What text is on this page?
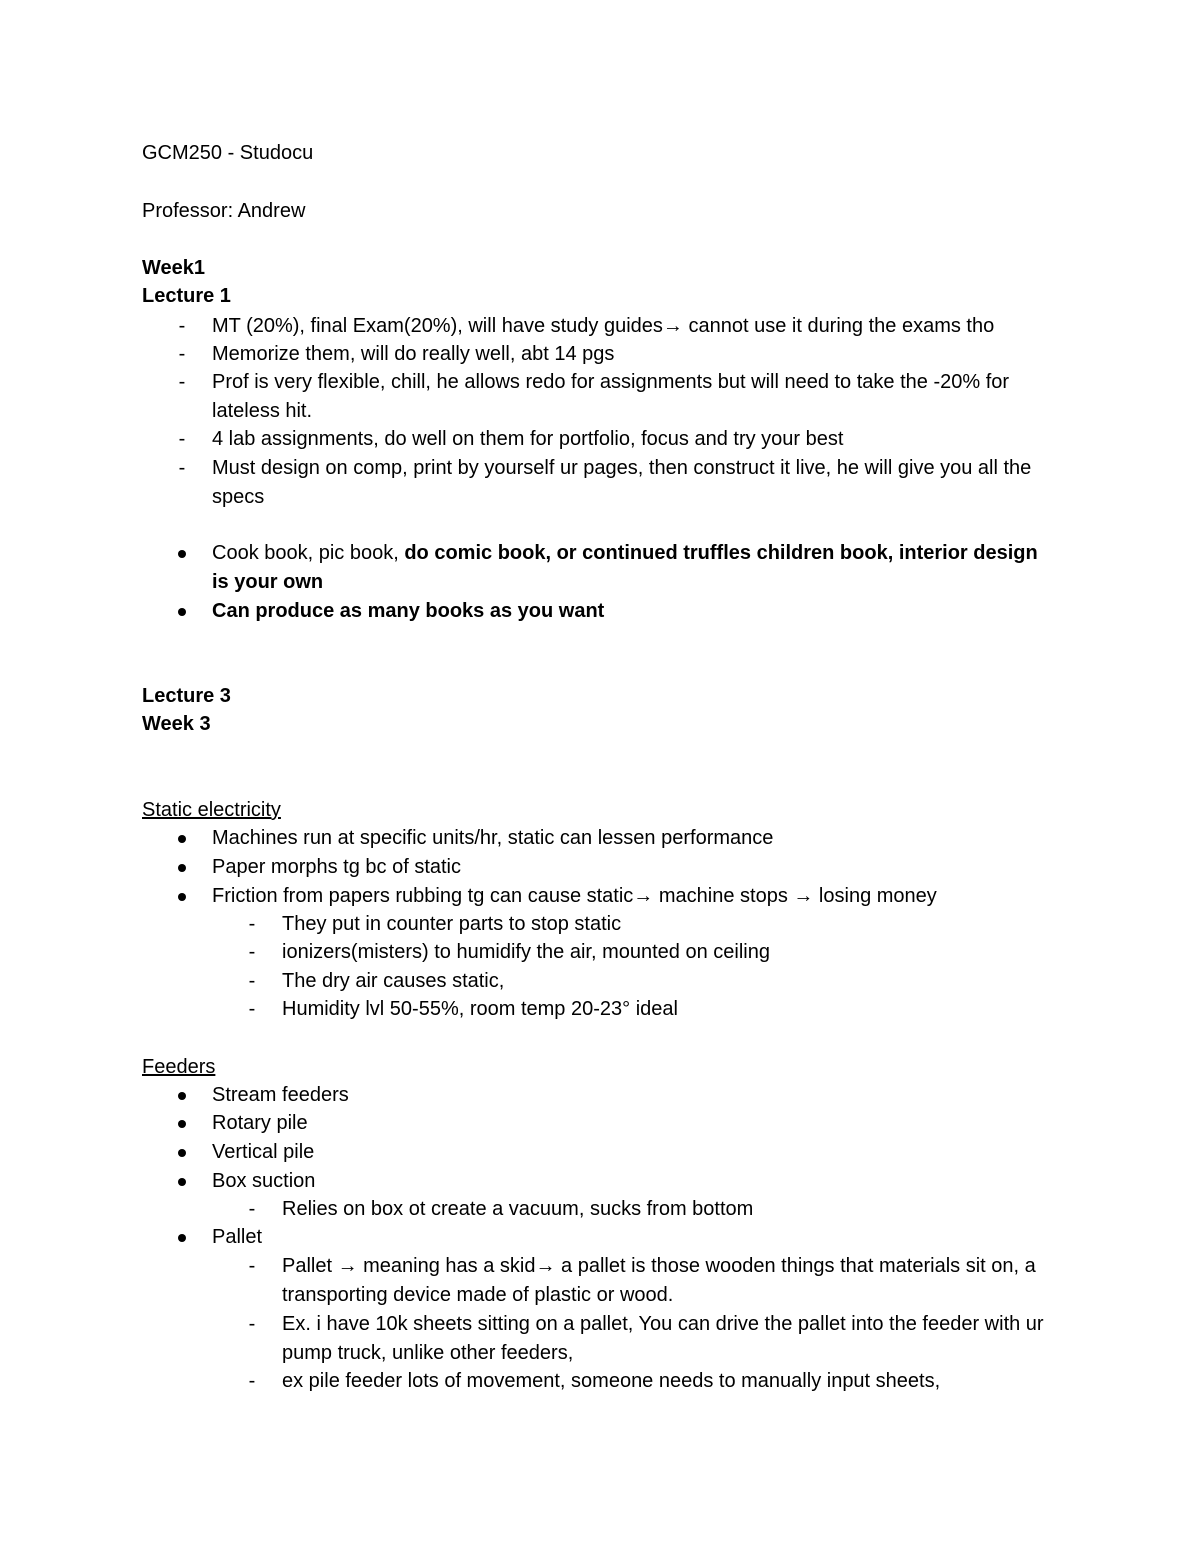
GCM250 - Studocu
Professor: Andrew
Week1
Lecture 1
-	MT (20%), final Exam(20%), will have study guides→ cannot use it during the exams tho
-	Memorize them, will do really well, abt 14 pgs
-	Prof is very flexible, chill, he allows redo for assignments but will need to take the -20% for lateless hit.
-	4 lab assignments, do well on them for portfolio, focus and try your best
-	Must design on comp, print by yourself ur pages, then construct it live, he will give you all the specs
Cook book, pic book, do comic book, or continued truffles children book, interior design is your own
Can produce as many books as you want
Lecture 3
Week 3
Static electricity
Machines run at specific units/hr, static can lessen performance
Paper morphs tg bc of static
Friction from papers rubbing tg can cause static→ machine stops → losing money
-	They put in counter parts to stop static
-	ionizers(misters) to humidify the air, mounted on ceiling
-	The dry air causes static,
-	Humidity lvl 50-55%, room temp 20-23° ideal
Feeders
Stream feeders
Rotary pile
Vertical pile
Box suction
-	Relies on box ot create a vacuum, sucks from bottom
Pallet
-	Pallet → meaning has a skid→ a pallet is those wooden things that materials sit on, a transporting device made of plastic or wood.
-	Ex. i have 10k sheets sitting on a pallet, You can drive the pallet into the feeder with ur pump truck, unlike other feeders,
-	ex pile feeder lots of movement, someone needs to manually input sheets,
